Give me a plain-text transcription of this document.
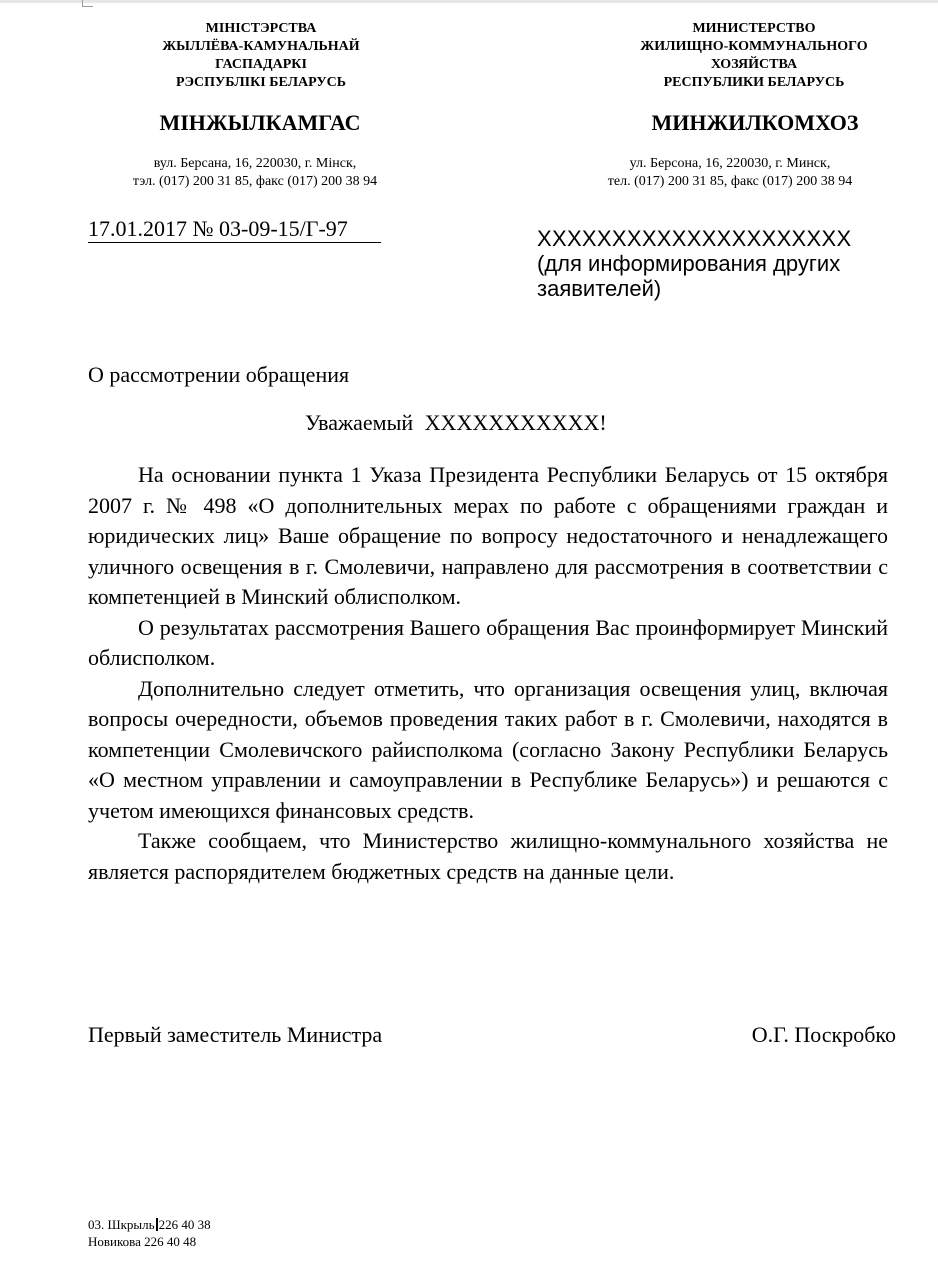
МІНІСТЭРСТВА
ЖЫЛЛЁВА-КАМУНАЛЬНАЙ
ГАСПАДАРКІ
РЭСПУБЛІКІ БЕЛАРУСЬ
МІНЖЫЛКАМГАС
вул. Берсана, 16, 220030, г. Мінск,
тэл. (017) 200 31 85, факс (017) 200 38 94
МИНИСТЕРСТВО
ЖИЛИЩНО-КОММУНАЛЬНОГО
ХОЗЯЙСТВА
РЕСПУБЛИКИ БЕЛАРУСЬ
МИНЖИЛКОМХОЗ
ул. Берсона, 16, 220030, г. Минск,
тел. (017) 200 31 85, факс (017) 200 38 94
17.01.2017 № 03-09-15/Г-97	ХХХХХХХХХХХХХХХХХХХХХ
(для информирования других заявителей)
О рассмотрении обращения
Уважаемый ХХХХХХХХХХХ!

На основании пункта 1 Указа Президента Республики Беларусь от 15 октября 2007 г. № 498 «О дополнительных мерах по работе с обращениями граждан и юридических лиц» Ваше обращение по вопросу недостаточного и ненадлежащего уличного освещения в г. Смолевичи, направлено для рассмотрения в соответствии с компетенцией в Минский облисполком.

О результатах рассмотрения Вашего обращения Вас проинформирует Минский облисполком.

Дополнительно следует отметить, что организация освещения улиц, включая вопросы очередности, объемов проведения таких работ в г. Смолевичи, находятся в компетенции Смолевичского райисполкома (согласно Закону Республики Беларусь «О местном управлении и самоуправлении в Республике Беларусь») и решаются с учетом имеющихся финансовых средств.

Также сообщаем, что Министерство жилищно-коммунального хозяйства не является распорядителем бюджетных средств на данные цели.

Первый заместитель Министра	О.Г. Поскробко
03. Шкрыль 226 40 38
Новикова 226 40 48
